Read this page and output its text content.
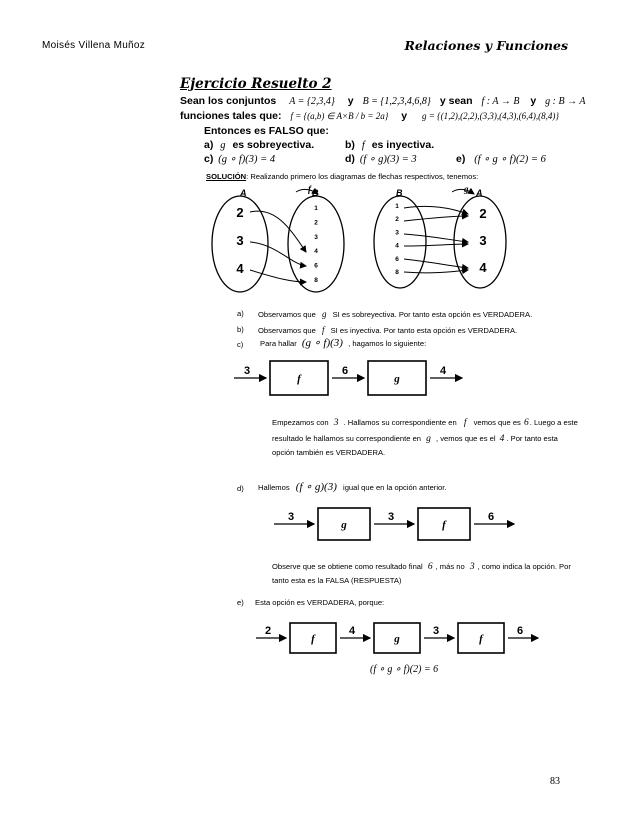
Moisés Villena Muñoz	Relaciones y Funciones
Ejercicio Resuelto 2
Sean los conjuntos A = {2,3,4} y B = {1,2,3,4,6,8} y sean f : A → B y g : B → A
funciones tales que: f = {(a,b) ∈ A×B / b = 2a} y g = {(1,2),(2,2),(3,3),(4,3),(6,4),(8,4)}
Entonces es FALSO que:
a) g es sobreyectiva.	b) f es inyectiva.
c) (g ∘ f)(3) = 4	d) (f ∘ g)(3) = 3	e) (f ∘ g ∘ f)(2) = 6
SOLUCIÓN: Realizando primero los diagramas de flechas respectivos, tenemos:
A	f B
2
3
4
1
2
3
4
6
8
B	g A
1
2
3
4
6
8
2
3
4
a) Observamos que g SI es sobreyectiva. Por tanto esta opción es VERDADERA.
b) Observamos que f SI es inyectiva. Por tanto esta opción es VERDADERA.
c) Para hallar (g ∘ f)(3) , hagamos lo siguiente:
3
f
6
g
4
Empezamos con 3 . Hallamos su correspondiente en f vemos que es 6. Luego a este
resultado le hallamos su correspondiente en g , vemos que es el 4 . Por tanto esta
opción también es VERDADERA.
d) Hallemos (f ∘ g)(3) igual que en la opción anterior.
3
g
3
f
6
Observe que se obtiene como resultado final 6 , más no 3 , como indica la opción. Por
tanto esta es la FALSA (RESPUESTA)
e) Esta opción es VERDADERA, porque:
2
f
4
g
3
f
6
(f ∘ g ∘ f)(2) = 6
83
